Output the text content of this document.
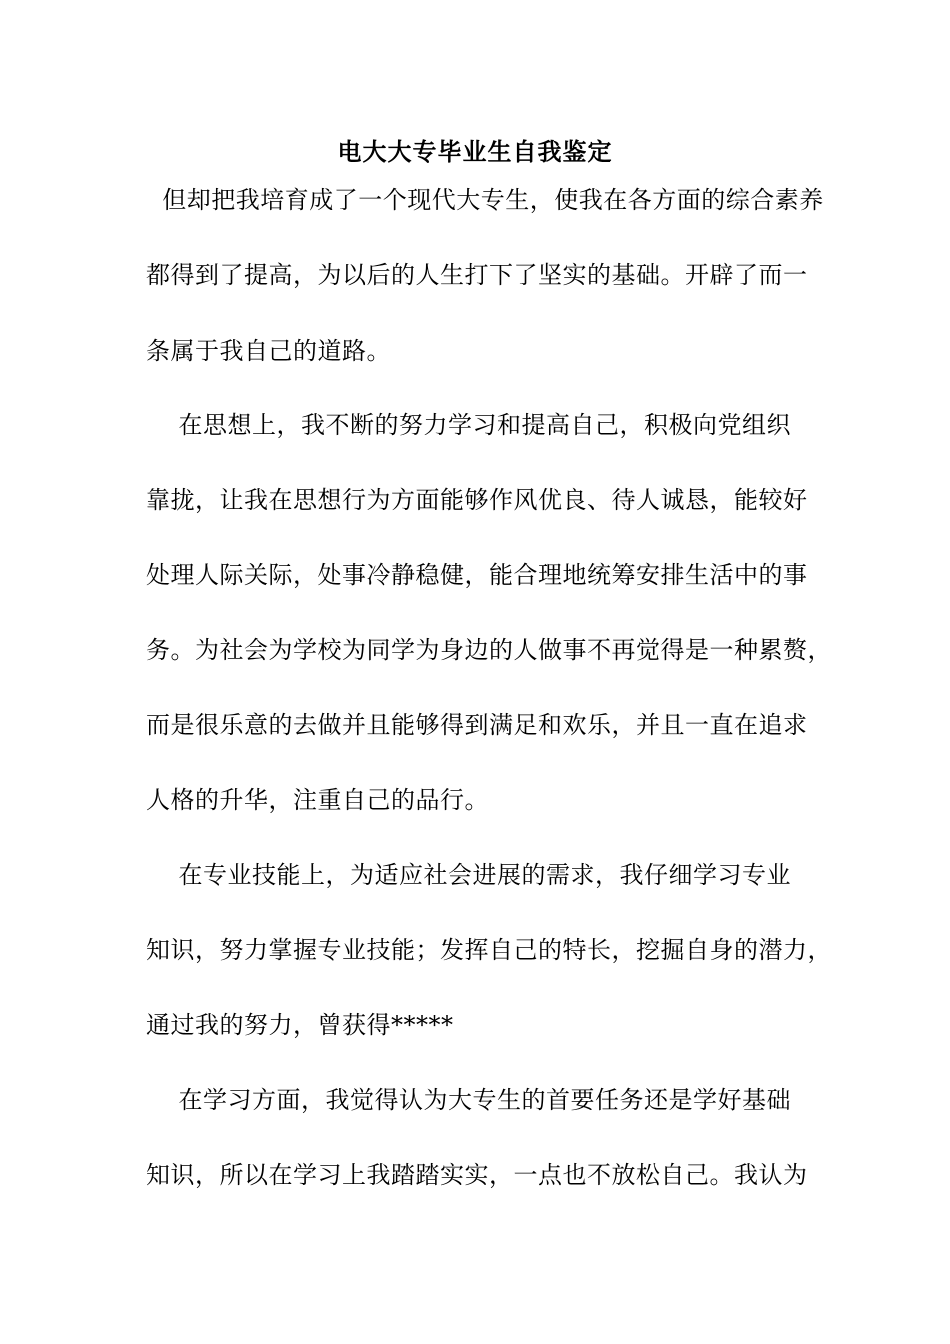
电大大专毕业生自我鉴定
但却把我培育成了一个现代大专生，使我在各方面的综合素养
都得到了提高，为以后的人生打下了坚实的基础。开辟了而一
条属于我自己的道路。
在思想上，我不断的努力学习和提高自己，积极向党组织
靠拢，让我在思想行为方面能够作风优良、待人诚恳，能较好
处理人际关际，处事冷静稳健，能合理地统筹安排生活中的事
务。为社会为学校为同学为身边的人做事不再觉得是一种累赘，
而是很乐意的去做并且能够得到满足和欢乐，并且一直在追求
人格的升华，注重自己的品行。
在专业技能上，为适应社会进展的需求，我仔细学习专业
知识，努力掌握专业技能；发挥自己的特长，挖掘自身的潜力，
通过我的努力，曾获得*****
在学习方面，我觉得认为大专生的首要任务还是学好基础
知识，所以在学习上我踏踏实实，一点也不放松自己。我认为
